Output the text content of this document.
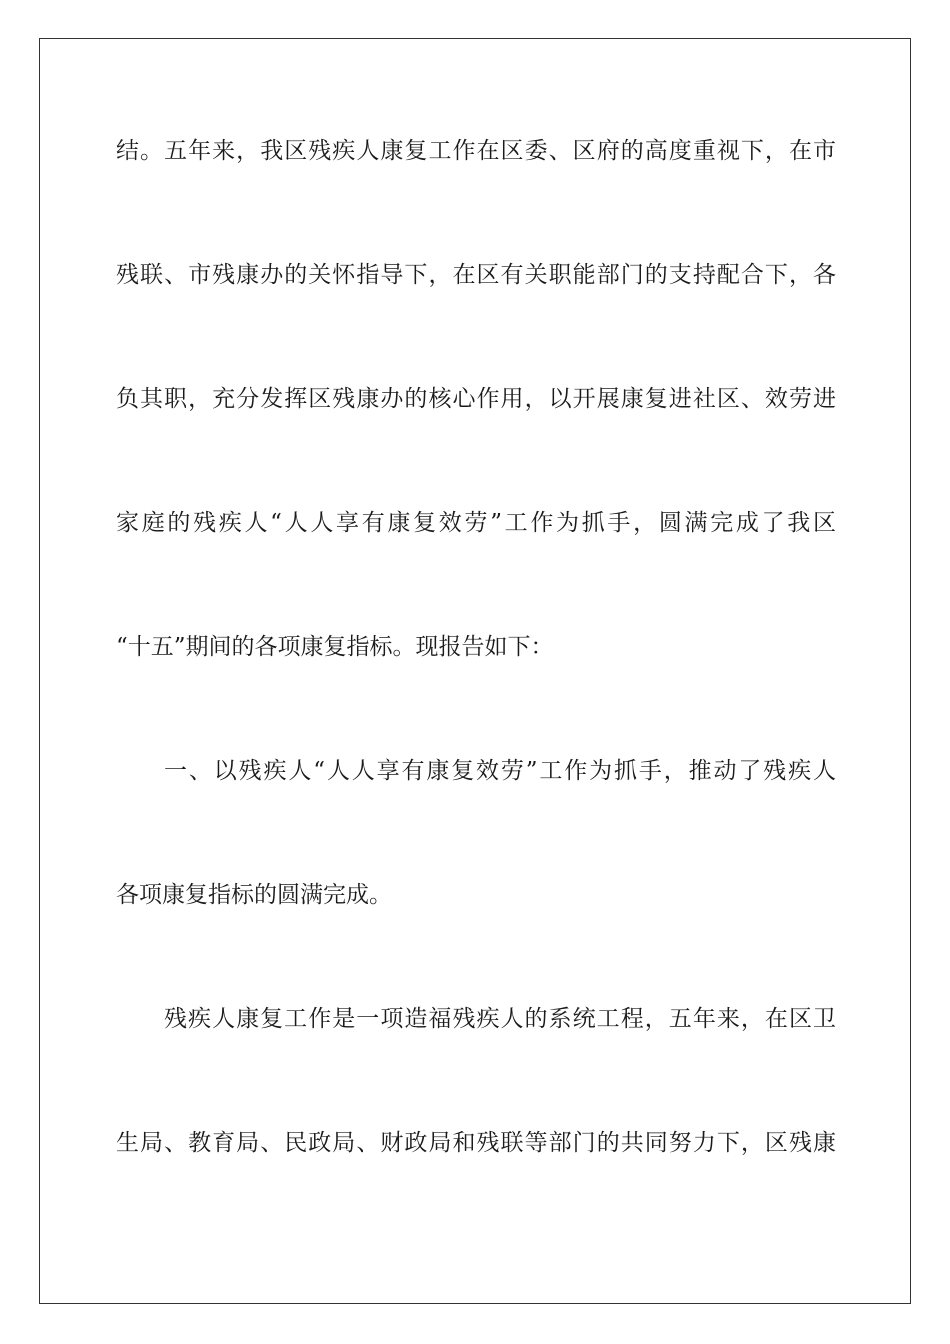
结。五年来，我区残疾人康复工作在区委、区府的高度重视下，在市
残联、市残康办的关怀指导下，在区有关职能部门的支持配合下，各
负其职，充分发挥区残康办的核心作用，以开展康复进社区、效劳进
家庭的残疾人“人人享有康复效劳”工作为抓手，圆满完成了我区
“十五”期间的各项康复指标。现报告如下：
一、以残疾人“人人享有康复效劳”工作为抓手，推动了残疾人
各项康复指标的圆满完成。
残疾人康复工作是一项造福残疾人的系统工程，五年来，在区卫
生局、教育局、民政局、财政局和残联等部门的共同努力下，区残康
